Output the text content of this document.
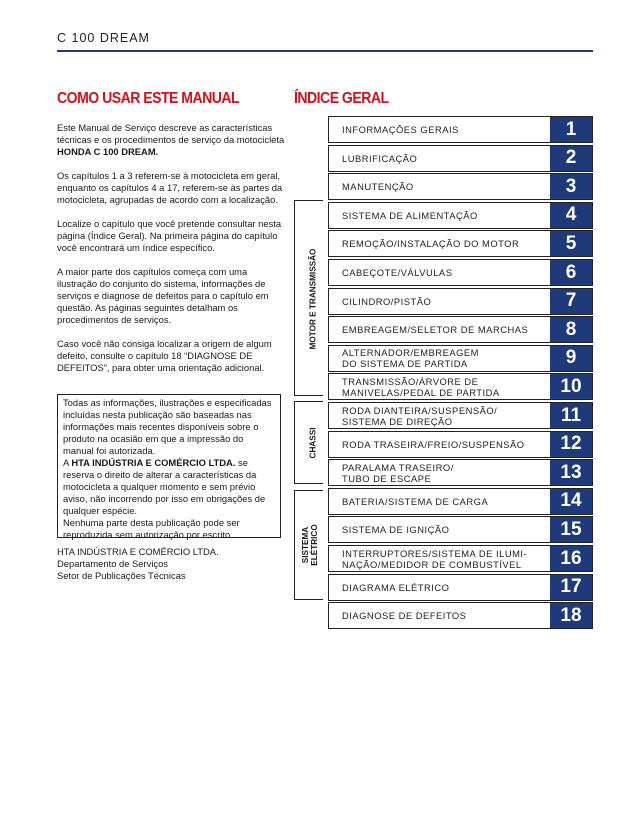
C 100 DREAM
COMO USAR ESTE MANUAL	ÍNDICE GERAL

Este Manual de Serviço descreve as características técnicas e os procedimentos de serviço da motocicleta HONDA C 100 DREAM.

Os capítulos 1 a 3 referem-se à motocicleta em geral, enquanto os capítulos 4 a 17, referem-se às partes da motocicleta, agrupadas de acordo com a localização.

Localize o capítulo que você pretende consultar nesta página (Índice Geral). Na primeira página do capítulo você encontrará um índice específico.

A maior parte dos capítulos começa com uma ilustração do conjunto do sistema, informações de serviços e diagnose de defeitos para o capítulo em questão. As páginas seguintes detalham os procedimentos de serviços.

Caso você não consiga localizar a origem de algum defeito, consulte o capítulo 18 “DIAGNOSE DE DEFEITOS”, para obter uma orientação adicional.

Todas as informações, ilustrações e especificadas incluídas nesta publicação são baseadas nas informações mais recentes disponíveis sobre o produto na ocasião em que a impressão do manual foi autorizada.
A HTA INDÚSTRIA E COMÉRCIO LTDA. se reserva o direito de alterar a características da motocicleta a qualquer momento e sem prévio aviso, não incorrendo por isso em obrigações de qualquer espécie.
Nenhuma parte desta publicação pode ser reproduzida sem autorização por escrito.
HTA INDÚSTRIA E COMÉRCIO LTDA.
Departamento de Serviços
Setor de Publicações Técnicas
MOTOR E TRANSMISSÃO
CHASSI
SISTEMA
ELÉTRICO
INFORMAÇÕES GERAIS	1
LUBRIFICAÇÃO	2
MANUTENÇÃO	3
SISTEMA DE ALIMENTAÇÃO	4
REMOÇÃO/INSTALAÇÃO DO MOTOR	5
CABEÇOTE/VÁLVULAS	6
CILINDRO/PISTÃO	7
EMBREAGEM/SELETOR DE MARCHAS	8
ALTERNADOR/EMBREAGEM
DO SISTEMA DE PARTIDA	9
TRANSMISSÃO/ÁRVORE DE
MANIVELAS/PEDAL DE PARTIDA	10
RODA DIANTEIRA/SUSPENSÃO/
SISTEMA DE DIREÇÃO	11
RODA TRASEIRA/FREIO/SUSPENSÃO	12
PARALAMA TRASEIRO/
TUBO DE ESCAPE	13
BATERIA/SISTEMA DE CARGA	14
SISTEMA DE IGNIÇÃO	15
INTERRUPTORES/SISTEMA DE ILUMI-
NAÇÃO/MEDIDOR DE COMBUSTÍVEL	16
DIAGRAMA ELÉTRICO	17
DIAGNOSE DE DEFEITOS	18
